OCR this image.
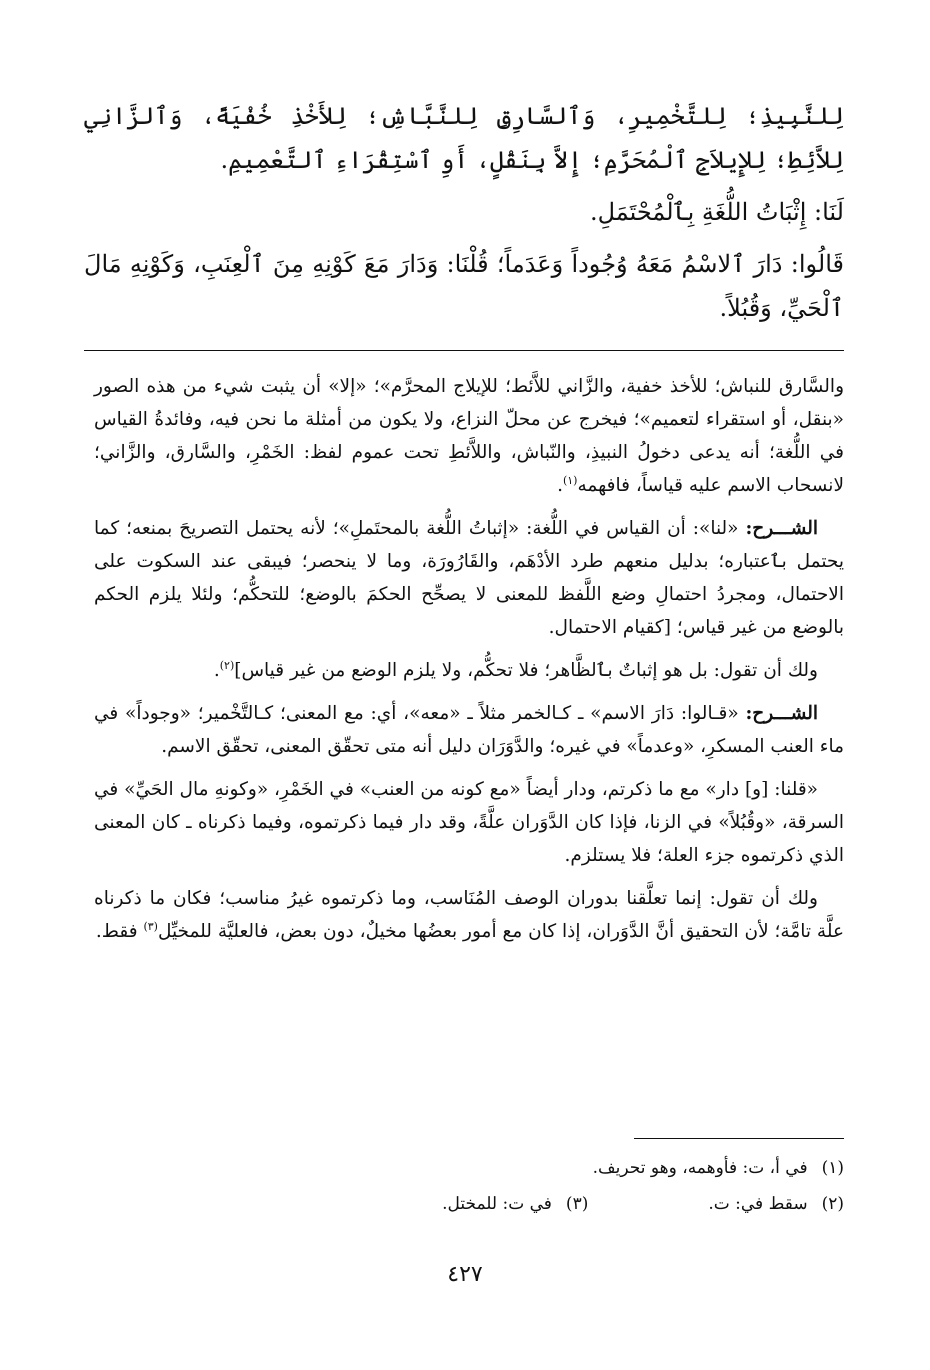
لِلنَّبِيذِ؛ لِلتَّخْمِيرِ، وَٱلسَّارِقِ لِلنَّبَّاشِ؛ لِلأَخْذِ خُفْيَةً، وَٱلزَّانِي لِلاَّئِطِ؛ لِلإِيلاَجِ ٱلْمُحَرَّمِ؛ إِلاَّ بِنَقْلٍ، أَوِ ٱسْتِقْرَاءِ ٱلتَّعْمِيمِ.

لَنَا: إِثْبَاتُ اللُّغَةِ بِٱلْمُحْتَمَلِ.

قَالُوا: دَارَ ٱلاسْمُ مَعَهُ وُجُوداً وَعَدَماً؛ قُلْنَا: وَدَارَ مَعَ كَوْنِهِ مِنَ ٱلْعِنَبِ، وَكَوْنِهِ مَالَ ٱلْحَيِّ، وَقُبُلاً.

والسَّارق للنباش؛ للأخذ خفية، والزَّاني للاَّئط؛ للإيلاج المحرَّم»؛ «إلا» أن يثبت شيء من هذه الصور «بنقل، أو استقراء لتعميم»؛ فيخرج عن محلّ النزاع، ولا يكون من أمثلة ما نحن فيه، وفائدةُ القياس في اللُّغة؛ أنه يدعى دخولُ النبيذِ، والنّباش، واللاَّئطِ تحت عموم لفظ: الخَمْرِ، والسَّارق، والزَّاني؛ لانسحاب الاسم عليه قياساً، فافهمه$^{(١)}$.

الشـــرح: «لنا»: أن القياس في اللُّغة: «إثباتُ اللُّغة بالمحتَملِ»؛ لأنه يحتمل التصريحَ بمنعه؛ كما يحتمل بٱعتباره؛ بدليل منعهم طرد الأدْهَم، والقَارُورَة، وما لا ينحصر؛ فيبقى عند السكوت على الاحتمال، ومجردُ احتمالِ وضع اللَّفظ للمعنى لا يصحِّح الحكمَ بالوضع؛ للتحكُّم؛ ولئلا يلزم الحكم بالوضع من غير قياس؛ [كقيام الاحتمال.

ولك أن تقول: بل هو إثباتٌ بٱلظَّاهر؛ فلا تحكُّم، ولا يلزم الوضع من غير قياس]$^{(٢)}$.

الشـــرح: «قـالوا: دَارَ الاسم» ـ كـالخمر مثلاً ـ «معه»، أي: مع المعنى؛ كـالتَّخْمير؛ «وجوداً» في ماء العنب المسكرِ، «وعدماً» في غيره؛ والدَّوَرَان دليل أنه متى تحقّق المعنى، تحقّق الاسم.

«قلنا: [و] دار» مع ما ذكرتم، ودار أيضاً «مع كونه من العنب» في الخَمْرِ، «وكونهِ مال الحَيِّ» في السرقة، «وقُبُلاً» في الزنا، فإذا كان الدَّوَران علَّةً، وقد دار فيما ذكرتموه، وفيما ذكرناه ـ كان المعنى الذي ذكرتموه جزء العلة؛ فلا يستلزم.

ولك أن تقول: إنما تعلَّقنا بدوران الوصف المُنَاسب، وما ذكرتموه غيرُ مناسب؛ فكان ما ذكرناه علَّة تامَّة؛ لأن التحقيق أنَّ الدَّوَران، إذا كان مع أمور بعضُها مخيلٌ، دون بعض، فالعليَّة للمخيِّل$^{(٣)}$ فقط.

(١)في أ، ت: فأوهمه، وهو تحريف.
(٢)سقط في: ت.
(٣)في ت: للمختل.
٤٢٧
